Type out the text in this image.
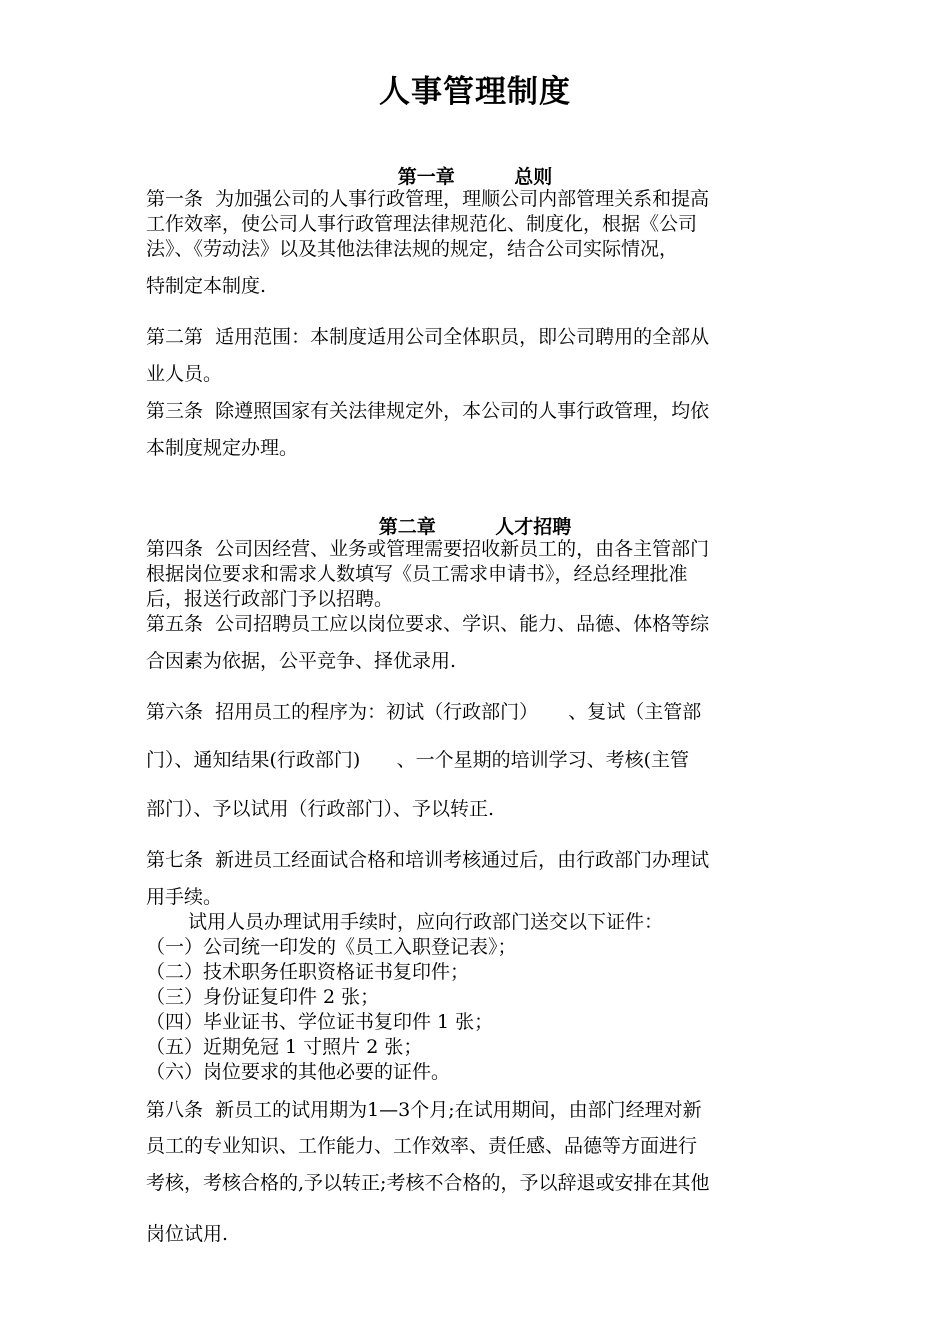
人事管理制度
第一章         总则
第一条  为加强公司的人事行政管理，理顺公司内部管理关系和提高
工作效率，使公司人事行政管理法律规范化、制度化，根据《公司
法》、《劳动法》以及其他法律法规的规定，结合公司实际情况，
特制定本制度.
第二第  适用范围：本制度适用公司全体职员，即公司聘用的全部从
业人员。
第三条  除遵照国家有关法律规定外，本公司的人事行政管理，均依
本制度规定办理。
第二章         人才招聘
第四条  公司因经营、业务或管理需要招收新员工的，由各主管部门
根据岗位要求和需求人数填写《员工需求申请书》，经总经理批准
后，报送行政部门予以招聘。
第五条  公司招聘员工应以岗位要求、学识、能力、品德、体格等综
合因素为依据，公平竞争、择优录用.
第六条  招用员工的程序为：初试（行政部门）     、复试（主管部
门）、通知结果(行政部门)      、一个星期的培训学习、考核(主管
部门）、予以试用（行政部门）、予以转正.
第七条  新进员工经面试合格和培训考核通过后，由行政部门办理试
用手续。
试用人员办理试用手续时，应向行政部门送交以下证件：
（一）公司统一印发的《员工入职登记表》；
（二）技术职务任职资格证书复印件；
（三）身份证复印件 2 张；
（四）毕业证书、学位证书复印件 1 张；
（五）近期免冠 1 寸照片 2 张；
（六）岗位要求的其他必要的证件。
第八条  新员工的试用期为1—3个月;在试用期间，由部门经理对新
员工的专业知识、工作能力、工作效率、责任感、品德等方面进行
考核，考核合格的,予以转正;考核不合格的，予以辞退或安排在其他
岗位试用.
